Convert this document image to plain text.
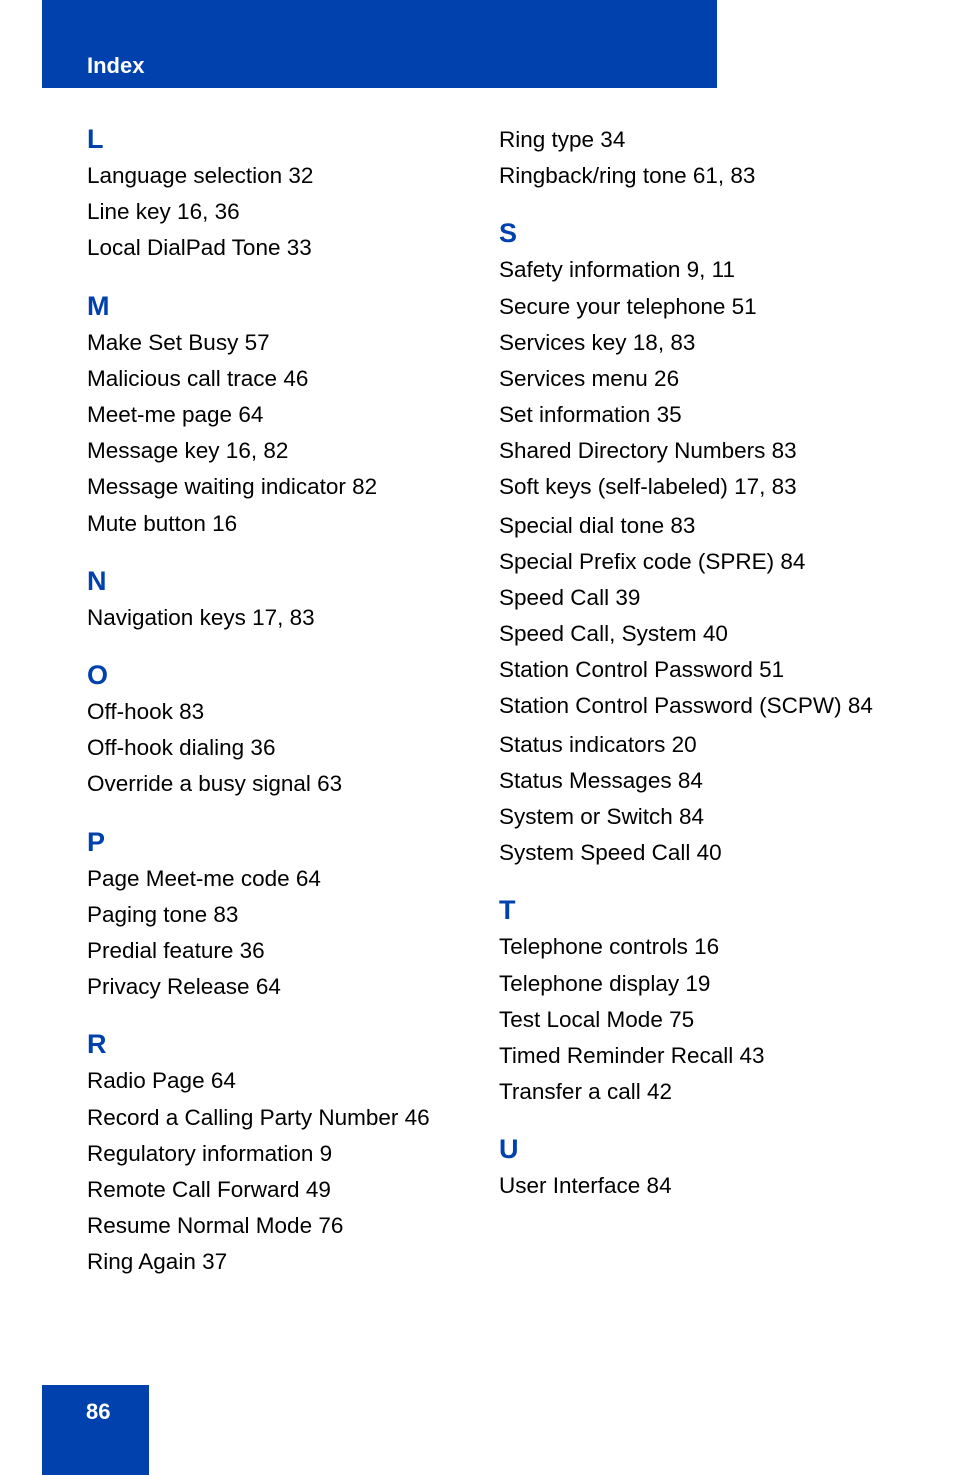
Index
L
Language selection 32
Line key 16, 36
Local DialPad Tone 33
M
Make Set Busy 57
Malicious call trace 46
Meet-me page 64
Message key 16, 82
Message waiting indicator 82
Mute button 16
N
Navigation keys 17, 83
O
Off-hook 83
Off-hook dialing 36
Override a busy signal 63
P
Page Meet-me code 64
Paging tone 83
Predial feature 36
Privacy Release 64
R
Radio Page 64
Record a Calling Party Number 46
Regulatory information 9
Remote Call Forward 49
Resume Normal Mode 76
Ring Again 37
Ring type 34
Ringback/ring tone 61, 83
S
Safety information 9, 11
Secure your telephone 51
Services key 18, 83
Services menu 26
Set information 35
Shared Directory Numbers 83
Soft keys (self-labeled) 17, 83
Special dial tone 83
Special Prefix code (SPRE) 84
Speed Call 39
Speed Call, System 40
Station Control Password 51
Station Control Password (SCPW) 84
Status indicators 20
Status Messages 84
System or Switch 84
System Speed Call 40
T
Telephone controls 16
Telephone display 19
Test Local Mode 75
Timed Reminder Recall 43
Transfer a call 42
U
User Interface 84
86
